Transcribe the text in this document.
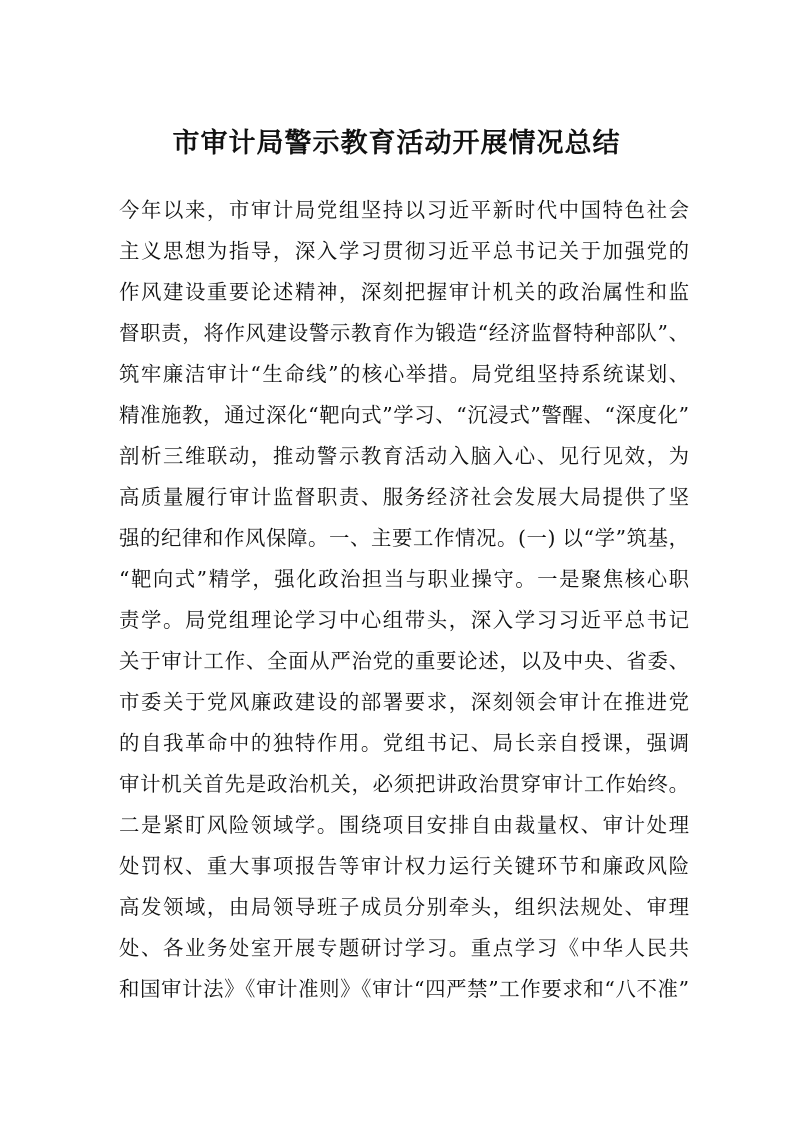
市审计局警示教育活动开展情况总结
今年以来，市审计局党组坚持以习近平新时代中国特色社会
主义思想为指导，深入学习贯彻习近平总书记关于加强党的
作风建设重要论述精神，深刻把握审计机关的政治属性和监
督职责，将作风建设警示教育作为锻造“经济监督特种部队”、
筑牢廉洁审计“生命线”的核心举措。局党组坚持系统谋划、
精准施教，通过深化“靶向式”学习、“沉浸式”警醒、“深度化”
剖析三维联动，推动警示教育活动入脑入心、见行见效，为
高质量履行审计监督职责、服务经济社会发展大局提供了坚
强的纪律和作风保障。一、主要工作情况。(一) 以“学”筑基，
“靶向式”精学，强化政治担当与职业操守。一是聚焦核心职
责学。局党组理论学习中心组带头，深入学习习近平总书记
关于审计工作、全面从严治党的重要论述，以及中央、省委、
市委关于党风廉政建设的部署要求，深刻领会审计在推进党
的自我革命中的独特作用。党组书记、局长亲自授课，强调
审计机关首先是政治机关，必须把讲政治贯穿审计工作始终。
二是紧盯风险领域学。围绕项目安排自由裁量权、审计处理
处罚权、重大事项报告等审计权力运行关键环节和廉政风险
高发领域，由局领导班子成员分别牵头，组织法规处、审理
处、各业务处室开展专题研讨学习。重点学习《中华人民共
和国审计法》《审计准则》《审计“四严禁”工作要求和“八不准”
